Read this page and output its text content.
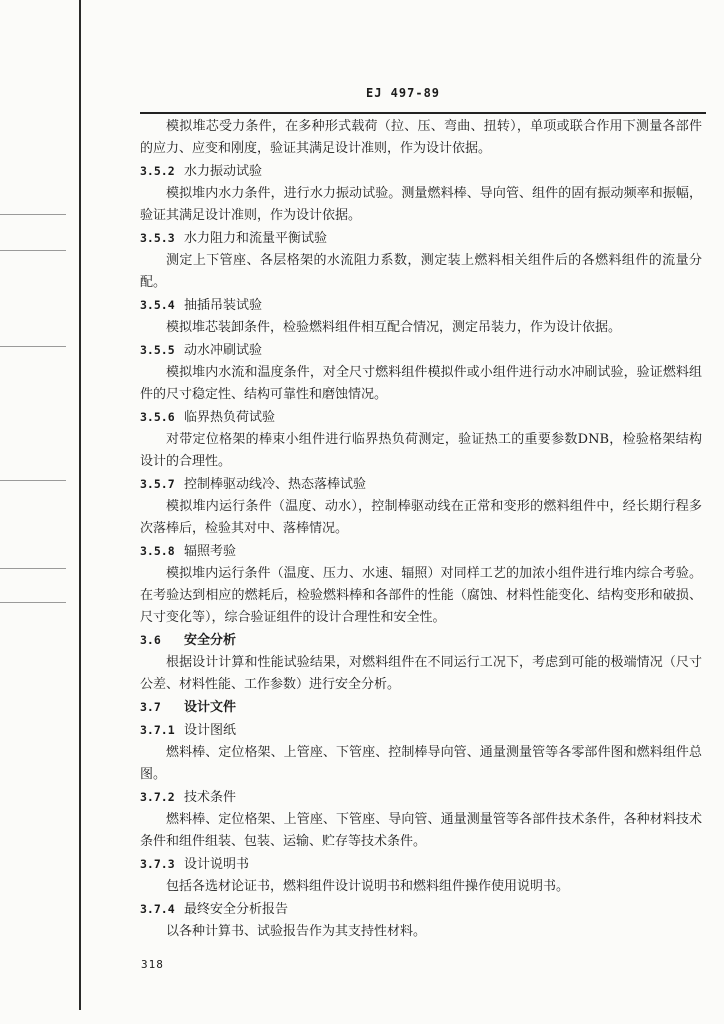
EJ 497-89

模拟堆芯受力条件，在多种形式载荷（拉、压、弯曲、扭转），单项或联合作用下测量各部件的应力、应变和刚度，验证其满足设计准则，作为设计依据。

3.5.2 水力振动试验

模拟堆内水力条件，进行水力振动试验。测量燃料棒、导向管、组件的固有振动频率和振幅，验证其满足设计准则，作为设计依据。

3.5.3 水力阻力和流量平衡试验

测定上下管座、各层格架的水流阻力系数，测定装上燃料相关组件后的各燃料组件的流量分配。

3.5.4 抽插吊装试验

模拟堆芯装卸条件，检验燃料组件相互配合情况，测定吊装力，作为设计依据。

3.5.5 动水冲刷试验

模拟堆内水流和温度条件，对全尺寸燃料组件模拟件或小组件进行动水冲刷试验，验证燃料组件的尺寸稳定性、结构可靠性和磨蚀情况。

3.5.6 临界热负荷试验

对带定位格架的棒束小组件进行临界热负荷测定，验证热工的重要参数DNB，检验格架结构设计的合理性。

3.5.7 控制棒驱动线冷、热态落棒试验

模拟堆内运行条件（温度、动水），控制棒驱动线在正常和变形的燃料组件中，经长期行程多次落棒后，检验其对中、落棒情况。

3.5.8 辐照考验

模拟堆内运行条件（温度、压力、水速、辐照）对同样工艺的加浓小组件进行堆内综合考验。在考验达到相应的燃耗后，检验燃料棒和各部件的性能（腐蚀、材料性能变化、结构变形和破损、尺寸变化等），综合验证组件的设计合理性和安全性。

3.6 安全分析

根据设计计算和性能试验结果，对燃料组件在不同运行工况下，考虑到可能的极端情况（尺寸公差、材料性能、工作参数）进行安全分析。

3.7 设计文件
3.7.1 设计图纸

燃料棒、定位格架、上管座、下管座、控制棒导向管、通量测量管等各零部件图和燃料组件总图。

3.7.2 技术条件

燃料棒、定位格架、上管座、下管座、导向管、通量测量管等各部件技术条件，各种材料技术条件和组件组装、包装、运输、贮存等技术条件。

3.7.3 设计说明书

包括各选材论证书，燃料组件设计说明书和燃料组件操作使用说明书。

3.7.4 最终安全分析报告

以各种计算书、试验报告作为其支持性材料。

318
